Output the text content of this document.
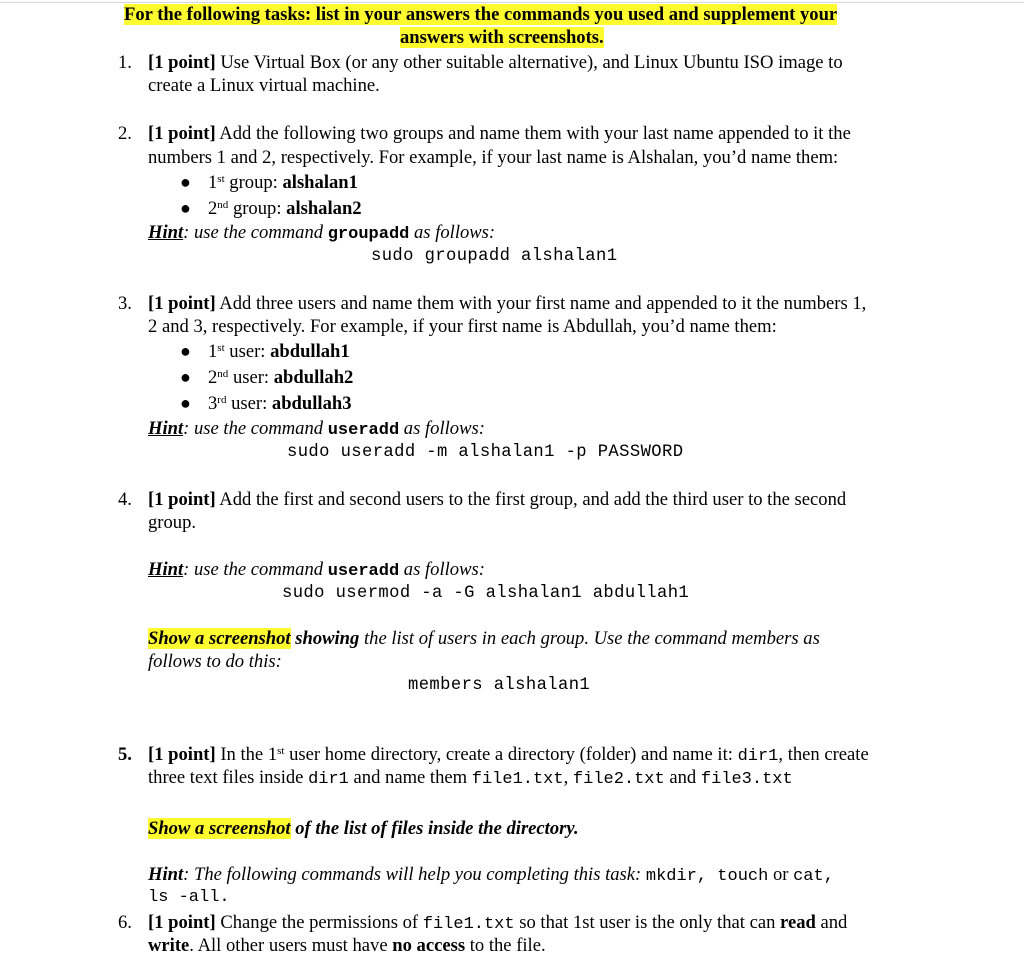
For the following tasks: list in your answers the commands you used and supplement your
answers with screenshots.
1. [1 point] Use Virtual Box (or any other suitable alternative), and Linux Ubuntu ISO image to
create a Linux virtual machine.
2. [1 point] Add the following two groups and name them with your last name appended to it the
numbers 1 and 2, respectively. For example, if your last name is Alshalan, you’d name them:
● 1st group: alshalan1
● 2nd group: alshalan2
Hint: use the command groupadd as follows:
sudo groupadd alshalan1
3. [1 point] Add three users and name them with your first name and appended to it the numbers 1,
2 and 3, respectively. For example, if your first name is Abdullah, you’d name them:
● 1st user: abdullah1
● 2nd user: abdullah2
● 3rd user: abdullah3
Hint: use the command useradd as follows:
sudo useradd -m alshalan1 -p PASSWORD
4. [1 point] Add the first and second users to the first group, and add the third user to the second
group.
Hint: use the command useradd as follows:
sudo usermod -a -G alshalan1 abdullah1
Show a screenshot showing the list of users in each group. Use the command members as
follows to do this:
members alshalan1
5. [1 point] In the 1st user home directory, create a directory (folder) and name it: dir1, then create
three text files inside dir1 and name them file1.txt, file2.txt and file3.txt
Show a screenshot of the list of files inside the directory.
Hint: The following commands will help you completing this task: mkdir, touch or cat,
ls -all.
6. [1 point] Change the permissions of file1.txt so that 1st user is the only that can read and
write. All other users must have no access to the file.
